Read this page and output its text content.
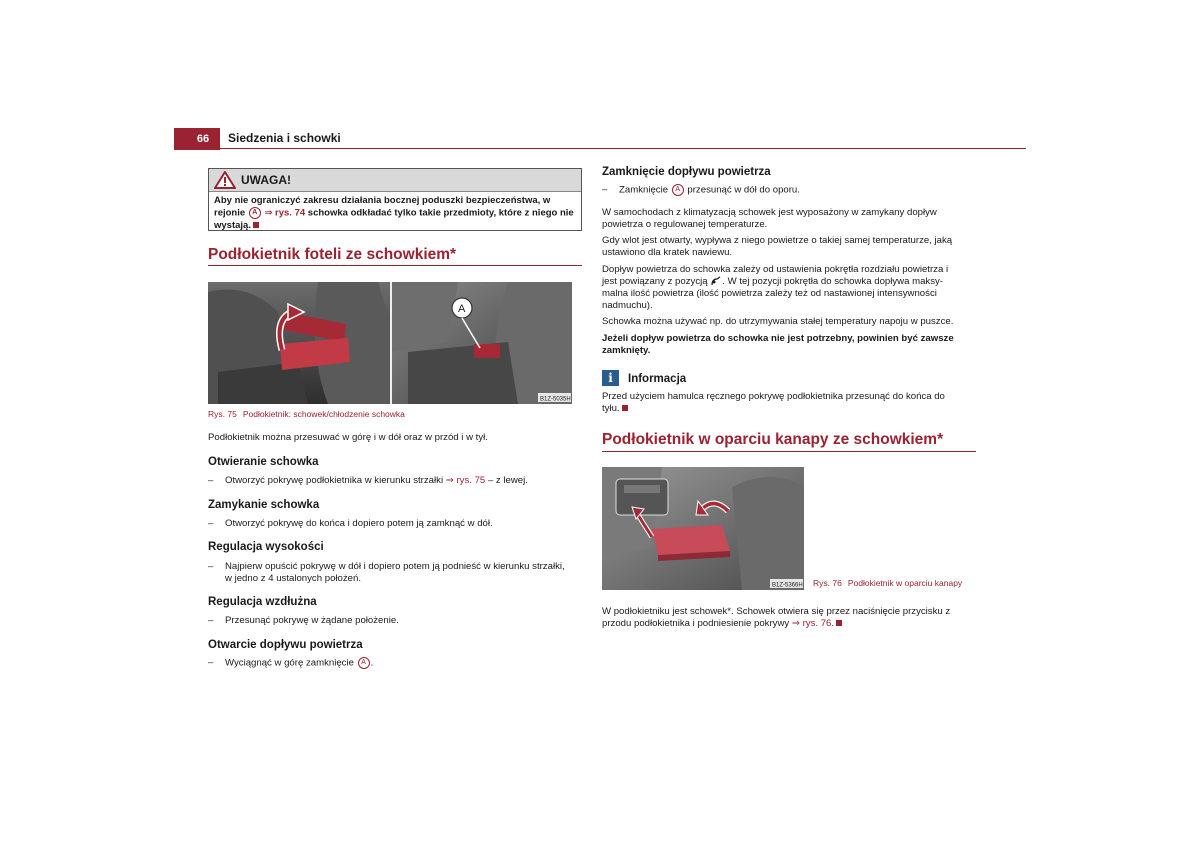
66	Siedzenia i schowki
UWAGA!
Aby nie ograniczyć zakresu działania bocznej poduszki bezpieczeństwa, w
rejonie A ⇒ rys. 74 schowka odkładać tylko takie przedmioty, które z niego nie
wystają.
Podłokietnik foteli ze schowkiem*
A
B1Z-5035H
Rys. 75 Podłokietnik: schowek/chłodzenie schowka
Podłokietnik można przesuwać w górę i w dół oraz w przód i w tył.
Otwieranie schowka
– Otworzyć pokrywę podłokietnika w kierunku strzałki ⇒ rys. 75 – z lewej.
Zamykanie schowka
– Otworzyć pokrywę do końca i dopiero potem ją zamknąć w dół.
Regulacja wysokości
– Najpierw opuścić pokrywę w dół i dopiero potem ją podnieść w kierunku strzałki,
w jedno z 4 ustalonych położeń.
Regulacja wzdłużna
– Przesunąć pokrywę w żądane położenie.
Otwarcie dopływu powietrza
– Wyciągnąć w górę zamknięcie A .
Zamknięcie dopływu powietrza
– Zamknięcie A przesunąć w dół do oporu.
W samochodach z klimatyzacją schowek jest wyposażony w zamykany dopływ
powietrza o regulowanej temperaturze.
Gdy wlot jest otwarty, wypływa z niego powietrze o takiej samej temperaturze, jaką
ustawiono dla kratek nawiewu.
Dopływ powietrza do schowka zależy od ustawienia pokrętła rozdziału powietrza i
jest powiązany z pozycją . W tej pozycji pokrętła do schowka dopływa maksy-
malna ilość powietrza (ilość powietrza zależy też od nastawionej intensywności
nadmuchu).
Schowka można używać np. do utrzymywania stałej temperatury napoju w puszce.
Jeżeli dopływ powietrza do schowka nie jest potrzebny, powinien być zawsze
zamknięty.
i	Informacja
Przed użyciem hamulca ręcznego pokrywę podłokietnika przesunąć do końca do
tyłu.
Podłokietnik w oparciu kanapy ze schowkiem*
B1Z-5366H Rys. 76 Podłokietnik w oparciu kanapy
W podłokietniku jest schowek*. Schowek otwiera się przez naciśnięcie przycisku z
przodu podłokietnika i podniesienie pokrywy ⇒ rys. 76.
